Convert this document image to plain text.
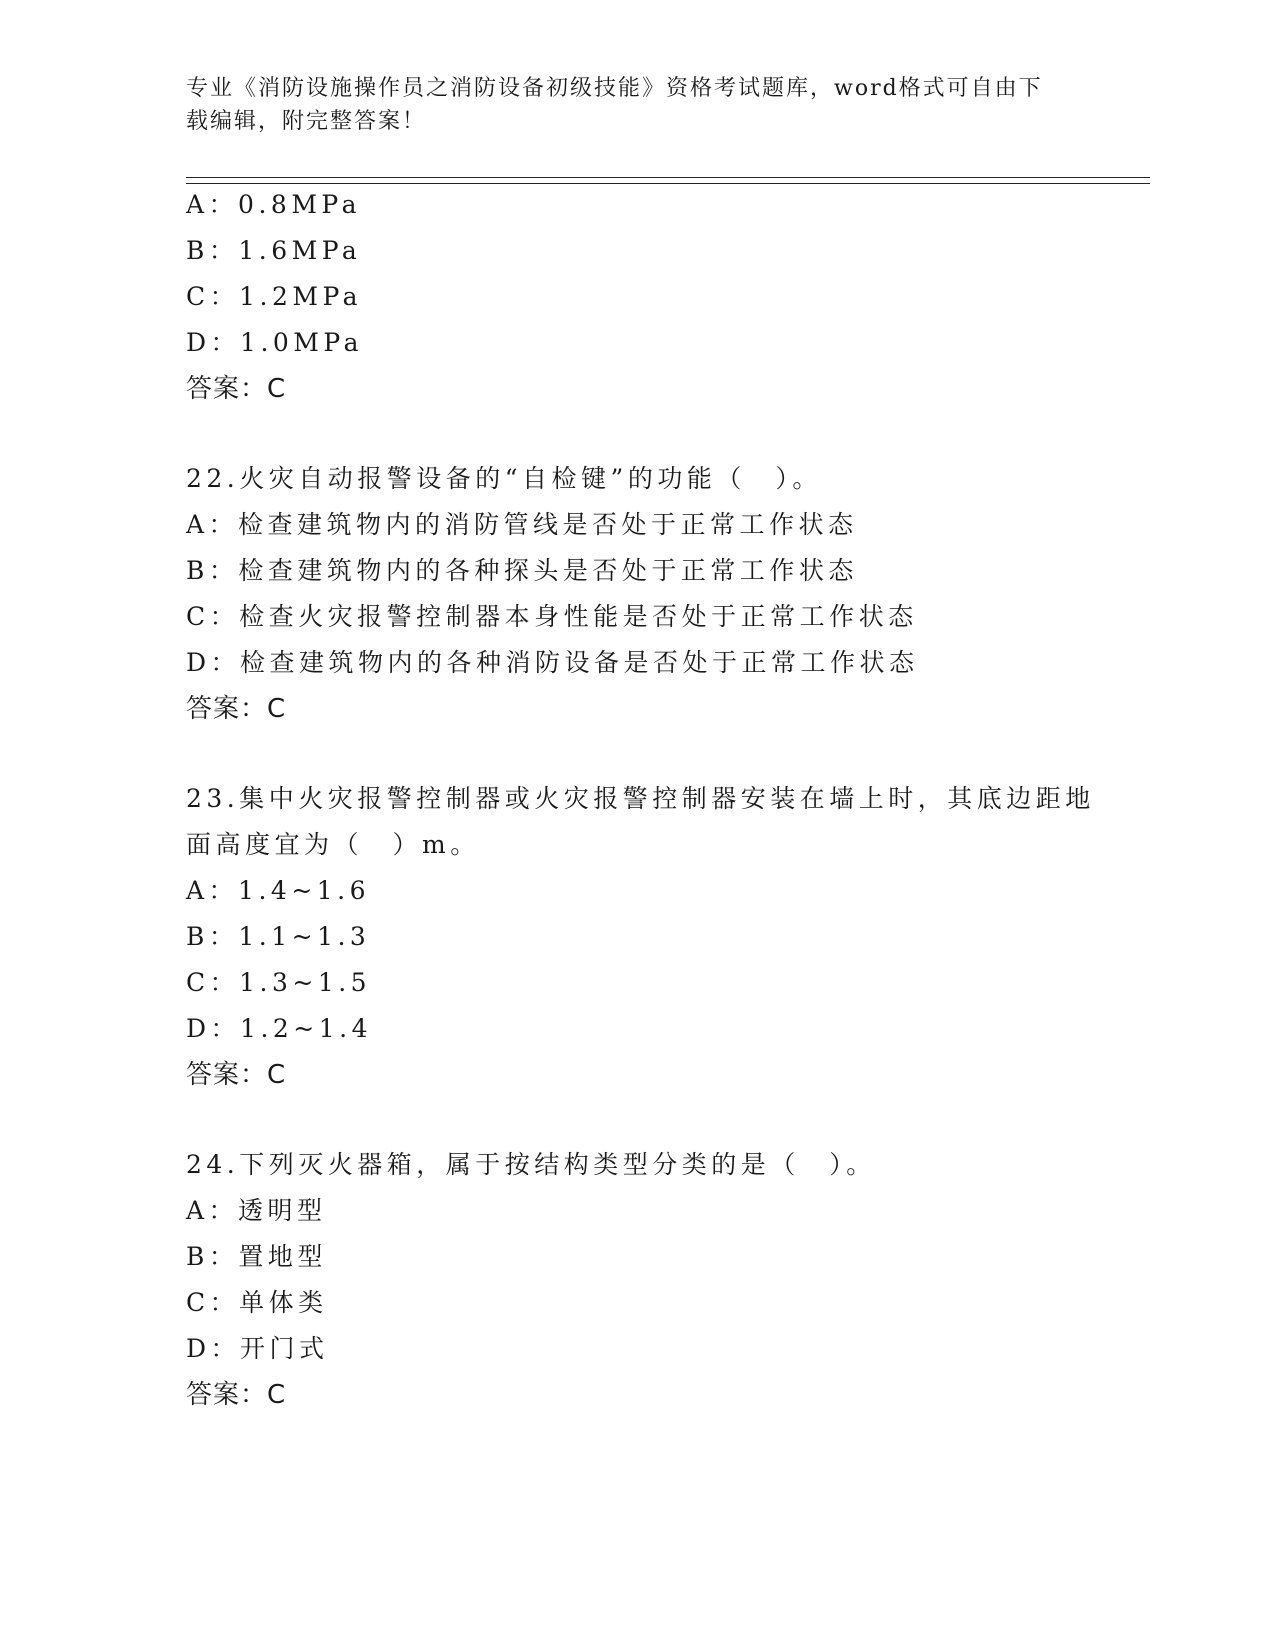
专业《消防设施操作员之消防设备初级技能》资格考试题库，word格式可自由下
载编辑，附完整答案！
A：0.8MPa
B：1.6MPa
C：1.2MPa
D：1.0MPa
答案：C
22.火灾自动报警设备的“自检键”的功能（　）。
A：检查建筑物内的消防管线是否处于正常工作状态
B：检查建筑物内的各种探头是否处于正常工作状态
C：检查火灾报警控制器本身性能是否处于正常工作状态
D：检查建筑物内的各种消防设备是否处于正常工作状态
答案：C
23.集中火灾报警控制器或火灾报警控制器安装在墙上时，其底边距地
面高度宜为（　）m。
A：1.4~1.6
B：1.1~1.3
C：1.3~1.5
D：1.2~1.4
答案：C
24.下列灭火器箱，属于按结构类型分类的是（　）。
A：透明型
B：置地型
C：单体类
D：开门式
答案：C
